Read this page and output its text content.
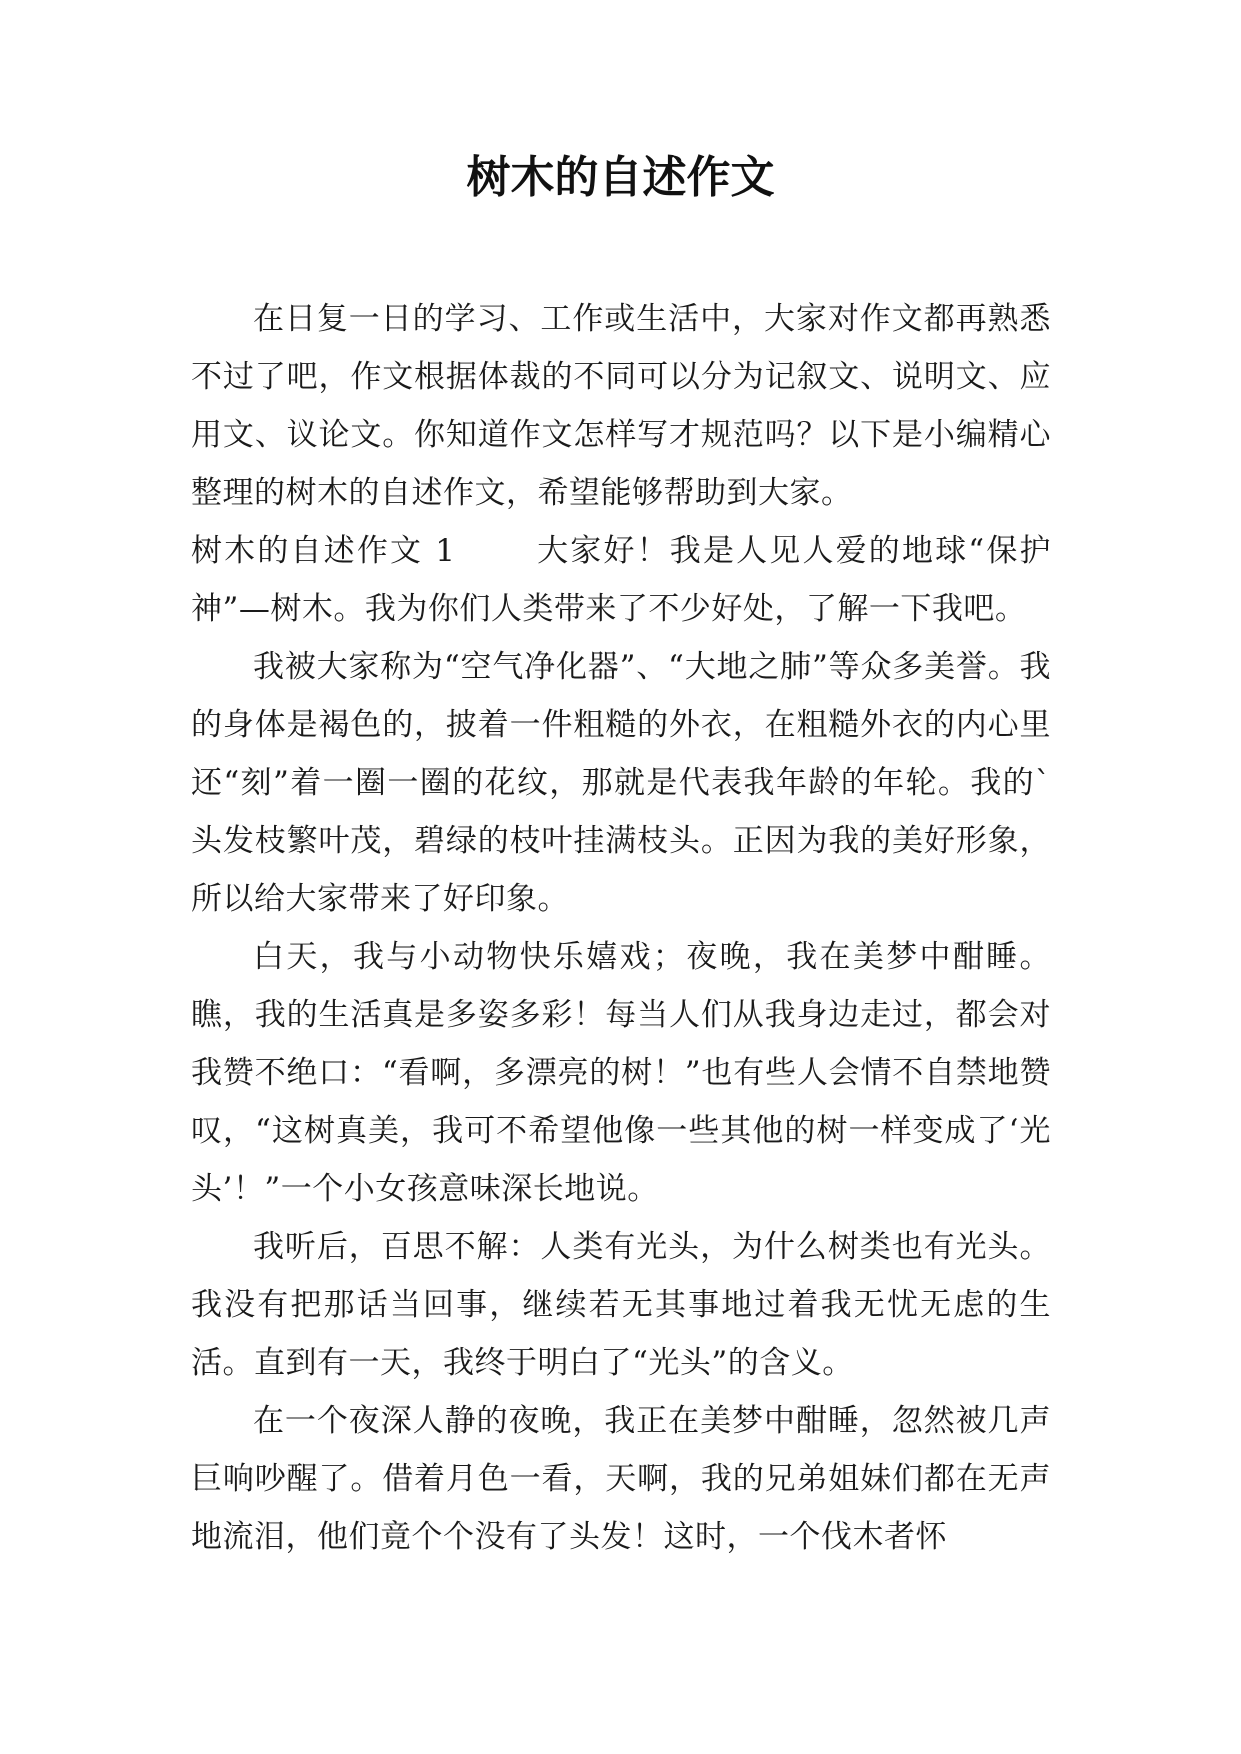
树木的自述作文

在日复一日的学习、工作或生活中，大家对作文都再熟悉不过了吧，作文根据体裁的不同可以分为记叙文、说明文、应用文、议论文。你知道作文怎样写才规范吗？以下是小编精心整理的树木的自述作文，希望能够帮助到大家。

树木的自述作文 1	大家好！我是人见人爱的地球“保护神”—树木。我为你们人类带来了不少好处，了解一下我吧。

我被大家称为“空气净化器”、“大地之肺”等众多美誉。我的身体是褐色的，披着一件粗糙的外衣，在粗糙外衣的内心里还“刻”着一圈一圈的花纹，那就是代表我年龄的年轮。我的`头发枝繁叶茂，碧绿的枝叶挂满枝头。正因为我的美好形象，所以给大家带来了好印象。

白天，我与小动物快乐嬉戏；夜晚，我在美梦中酣睡。瞧，我的生活真是多姿多彩！每当人们从我身边走过，都会对我赞不绝口：“看啊，多漂亮的树！”也有些人会情不自禁地赞叹，“这树真美，我可不希望他像一些其他的树一样变成了‘光头’！”一个小女孩意味深长地说。

我听后，百思不解：人类有光头，为什么树类也有光头。我没有把那话当回事，继续若无其事地过着我无忧无虑的生活。直到有一天，我终于明白了“光头”的含义。

在一个夜深人静的夜晚，我正在美梦中酣睡，忽然被几声巨响吵醒了。借着月色一看，天啊，我的兄弟姐妹们都在无声地流泪，他们竟个个没有了头发！这时，一个伐木者怀
